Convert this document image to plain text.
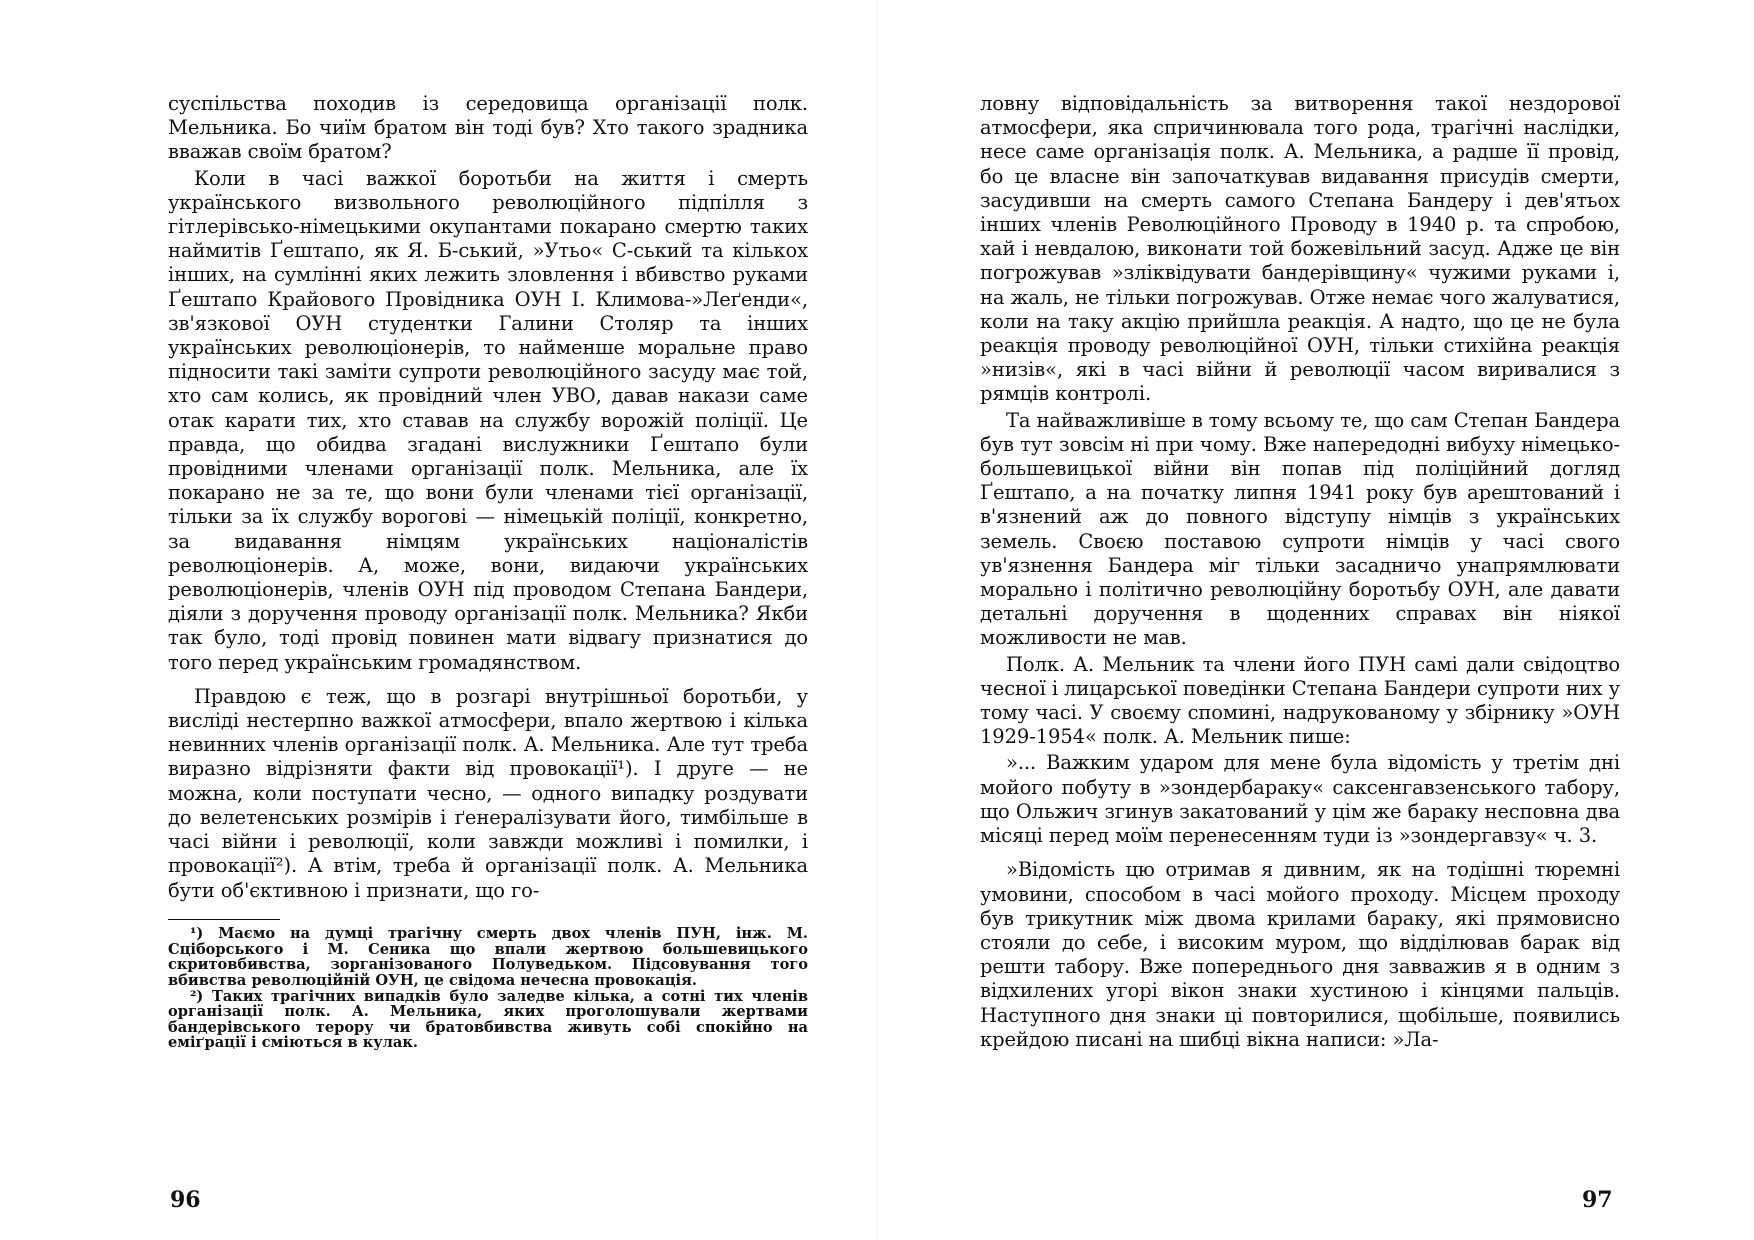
суспільства походив із середовища організації полк. Мельника. Бо чиїм братом він тоді був? Хто такого зрадника вважав своїм братом?

Коли в часі важкої боротьби на життя і смерть українського визвольного революційного підпілля з гітлерівсько-німецькими окупантами покарано смертю таких наймитів Ґештапо, як Я. Б-ський, »Утьо« С-ський та кількох інших, на сумлінні яких лежить зловлення і вбивство руками Ґештапо Крайового Провідника ОУН І. Климова-»Леґенди«, зв'язкової ОУН студентки Галини Столяр та інших українських революціонерів, то найменше моральне право підносити такі заміти супроти революційного засуду має той, хто сам колись, як провідний член УВО, давав накази саме отак карати тих, хто ставав на службу ворожій поліції. Це правда, що обидва згадані вислужники Ґештапо були провідними членами організації полк. Мельника, але їх покарано не за те, що вони були членами тієї організації, тільки за їх службу ворогові — німецькій поліції, конкретно, за видавання німцям українських націоналістів революціонерів. А, може, вони, видаючи українських революціонерів, членів ОУН під проводом Степана Бандери, діяли з доручення проводу організації полк. Мельника? Якби так було, тоді провід повинен мати відвагу признатися до того перед українським громадянством.

Правдою є теж, що в розгарі внутрішньої боротьби, у висліді нестерпно важкої атмосфери, впало жертвою і кілька невинних членів організації полк. А. Мельника. Але тут треба виразно відрізняти факти від провокації¹). І друге — не можна, коли поступати чесно, — одного випадку роздувати до велетенських розмірів і ґенералізувати його, тимбільше в часі війни і революції, коли завжди можливі і помилки, і провокації²). А втім, треба й організації полк. А. Мельника бути об'єктивною і признати, що го-

¹) Маємо на думці трагічну смерть двох членів ПУН, інж. М. Сціборського і М. Сеника що впали жертвою большевицького скритовбивства, зорганізованого Полуведьком. Підсовування того вбивства революційній ОУН, це свідома нечесна провокація.

²) Таких трагічних випадків було заледве кілька, а сотні тих членів організації полк. А. Мельника, яких проголошували жертвами бандерівського терору чи братовбивства живуть собі спокійно на еміґрації і сміються в кулак.

96

ловну відповідальність за витворення такої нездорової атмосфери, яка спричинювала того рода, трагічні наслідки, несе саме організація полк. А. Мельника, а радше її провід, бо це власне він започаткував видавання присудів смерти, засудивши на смерть самого Степана Бандеру і дев'ятьох інших членів Революційного Проводу в 1940 р. та спробою, хай і невдалою, виконати той божевільний засуд. Адже це він погрожував »зліквідувати бандерівщину« чужими руками і, на жаль, не тільки погрожував. Отже немає чого жалуватися, коли на таку акцію прийшла реакція. А надто, що це не була реакція проводу революційної ОУН, тільки стихійна реакція »низів«, які в часі війни й революції часом виривалися з рямців контролі.

Та найважливіше в тому всьому те, що сам Степан Бандера був тут зовсім ні при чому. Вже напередодні вибуху німецько-большевицької війни він попав під поліційний догляд Ґештапо, а на початку липня 1941 року був арештований і в'язнений аж до повного відступу німців з українських земель. Своєю поставою супроти німців у часі свого ув'язнення Бандера міг тільки засадничо унапрямлювати морально і політично революційну боротьбу ОУН, але давати детальні доручення в щоденних справах він ніякої можливости не мав.

Полк. А. Мельник та члени його ПУН самі дали свідоцтво чесної і лицарської поведінки Степана Бандери супроти них у тому часі. У своєму спомині, надрукованому у збірнику »ОУН 1929-1954« полк. А. Мельник пише:

»... Важким ударом для мене була відомість у третім дні мойого побуту в »зондербараку« саксенгавзенського табору, що Ольжич згинув закатований у цім же бараку несповна два місяці перед моїм перенесенням туди із »зондергавзу« ч. 3.

»Відомість цю отримав я дивним, як на тодішні тюремні умовини, способом в часі мойого проходу. Місцем проходу був трикутник між двома крилами бараку, які прямовисно стояли до себе, і високим муром, що відділював барак від решти табору. Вже попереднього дня завважив я в одним з відхилених угорі вікон знаки хустиною і кінцями пальців. Наступного дня знаки ці повторилися, щобільше, появились крейдою писані на шибці вікна написи: »Ла-

97
